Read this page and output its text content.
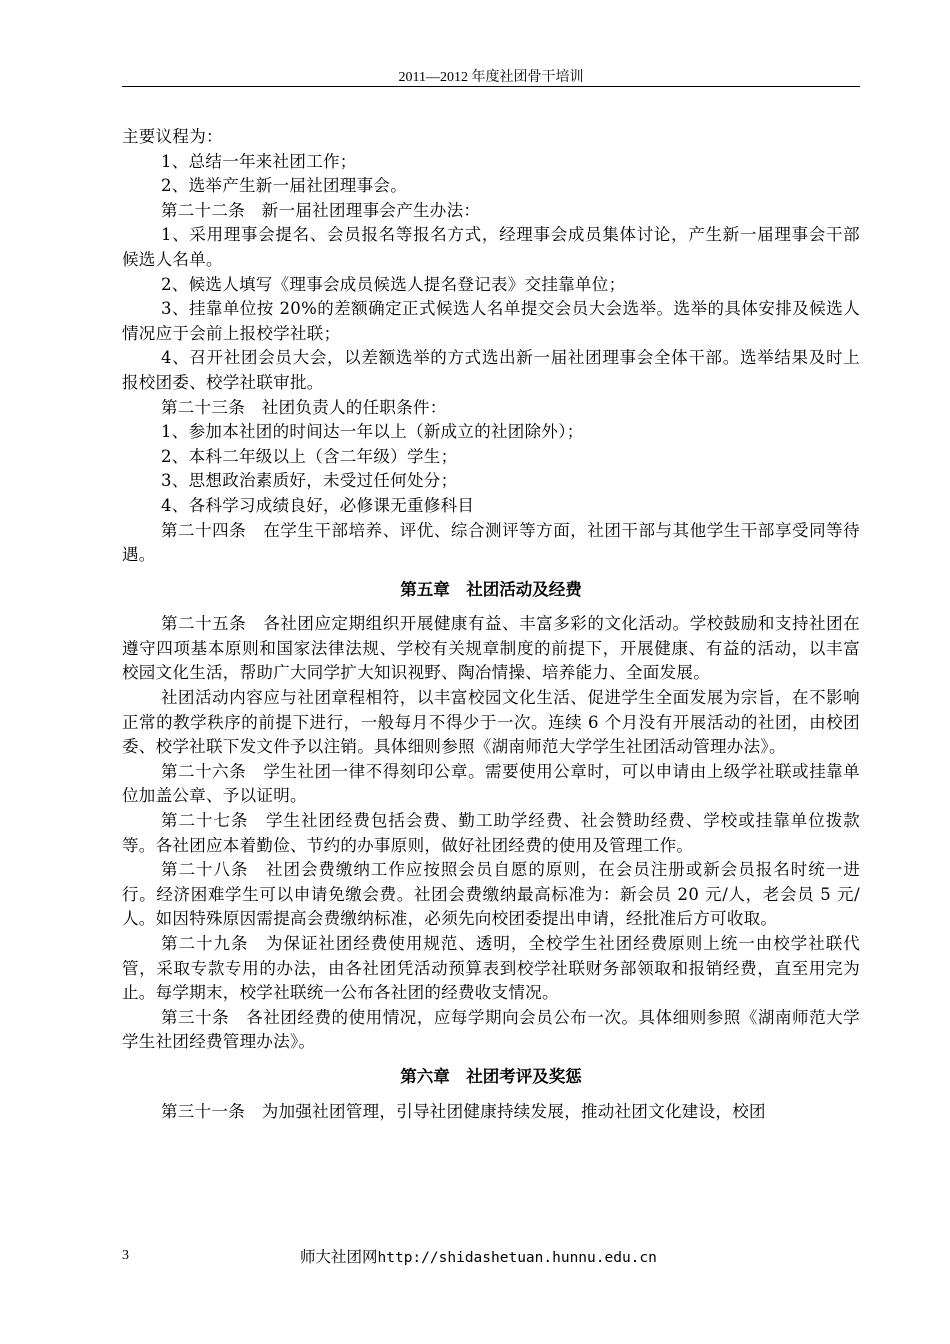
2011—2012 年度社团骨干培训

主要议程为：

1、总结一年来社团工作；

2、选举产生新一届社团理事会。

第二十二条　新一届社团理事会产生办法：

1、采用理事会提名、会员报名等报名方式，经理事会成员集体讨论，产生新一届理事会干部候选人名单。

2、候选人填写《理事会成员候选人提名登记表》交挂靠单位；

3、挂靠单位按 20%的差额确定正式候选人名单提交会员大会选举。选举的具体安排及候选人情况应于会前上报校学社联；

4、召开社团会员大会，以差额选举的方式选出新一届社团理事会全体干部。选举结果及时上报校团委、校学社联审批。

第二十三条　社团负责人的任职条件：

1、参加本社团的时间达一年以上（新成立的社团除外）；

2、本科二年级以上（含二年级）学生；

3、思想政治素质好，未受过任何处分；

4、各科学习成绩良好，必修课无重修科目

第二十四条　在学生干部培养、评优、综合测评等方面，社团干部与其他学生干部享受同等待遇。

第五章　社团活动及经费

第二十五条　各社团应定期组织开展健康有益、丰富多彩的文化活动。学校鼓励和支持社团在遵守四项基本原则和国家法律法规、学校有关规章制度的前提下，开展健康、有益的活动，以丰富校园文化生活，帮助广大同学扩大知识视野、陶冶情操、培养能力、全面发展。

社团活动内容应与社团章程相符，以丰富校园文化生活、促进学生全面发展为宗旨，在不影响正常的教学秩序的前提下进行，一般每月不得少于一次。连续 6 个月没有开展活动的社团，由校团委、校学社联下发文件予以注销。具体细则参照《湖南师范大学学生社团活动管理办法》。

第二十六条　学生社团一律不得刻印公章。需要使用公章时，可以申请由上级学社联或挂靠单位加盖公章、予以证明。

第二十七条　学生社团经费包括会费、勤工助学经费、社会赞助经费、学校或挂靠单位拨款等。各社团应本着勤俭、节约的办事原则，做好社团经费的使用及管理工作。

第二十八条　社团会费缴纳工作应按照会员自愿的原则，在会员注册或新会员报名时统一进行。经济困难学生可以申请免缴会费。社团会费缴纳最高标准为：新会员 20 元/人，老会员 5 元/人。如因特殊原因需提高会费缴纳标准，必须先向校团委提出申请，经批准后方可收取。

第二十九条　为保证社团经费使用规范、透明，全校学生社团经费原则上统一由校学社联代管，采取专款专用的办法，由各社团凭活动预算表到校学社联财务部领取和报销经费，直至用完为止。每学期末，校学社联统一公布各社团的经费收支情况。

第三十条　各社团经费的使用情况，应每学期向会员公布一次。具体细则参照《湖南师范大学学生社团经费管理办法》。

第六章　社团考评及奖惩

第三十一条　为加强社团管理，引导社团健康持续发展，推动社团文化建设，校团

3	师大社团网http://shidashetuan.hunnu.edu.cn
